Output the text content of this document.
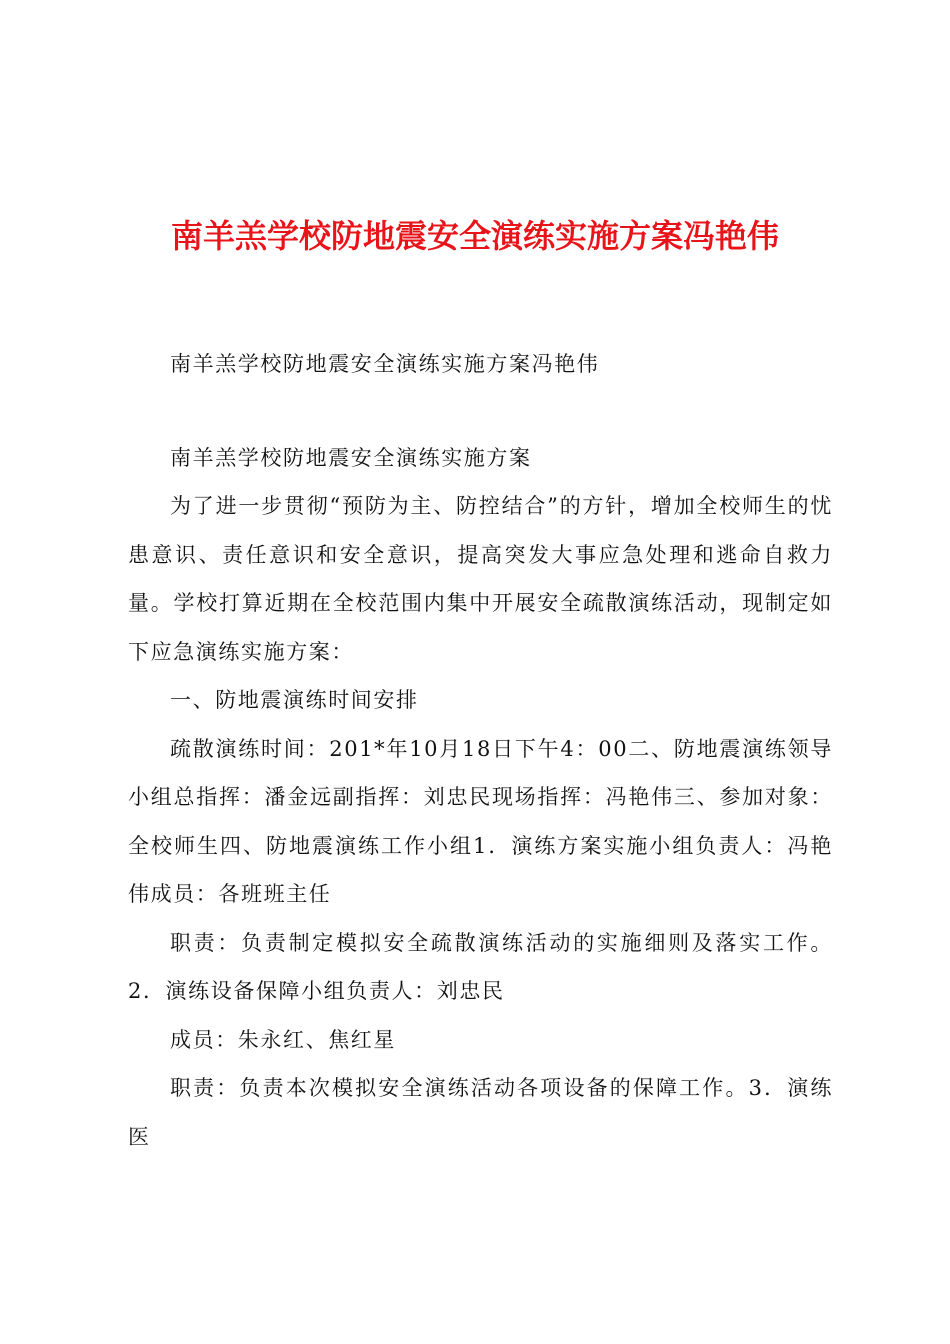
南羊羔学校防地震安全演练实施方案冯艳伟

南羊羔学校防地震安全演练实施方案冯艳伟

南羊羔学校防地震安全演练实施方案

为了进一步贯彻“预防为主、防控结合”的方针，增加全校师生的忧患意识、责任意识和安全意识，提高突发大事应急处理和逃命自救力量。学校打算近期在全校范围内集中开展安全疏散演练活动，现制定如下应急演练实施方案：

一、防地震演练时间安排

疏散演练时间：201*年10月18日下午4：00二、防地震演练领导小组总指挥：潘金远副指挥：刘忠民现场指挥：冯艳伟三、参加对象：全校师生四、防地震演练工作小组1．演练方案实施小组负责人：冯艳伟成员：各班班主任

职责：负责制定模拟安全疏散演练活动的实施细则及落实工作。2．演练设备保障小组负责人：刘忠民

成员：朱永红、焦红星

职责：负责本次模拟安全演练活动各项设备的保障工作。3．演练医
